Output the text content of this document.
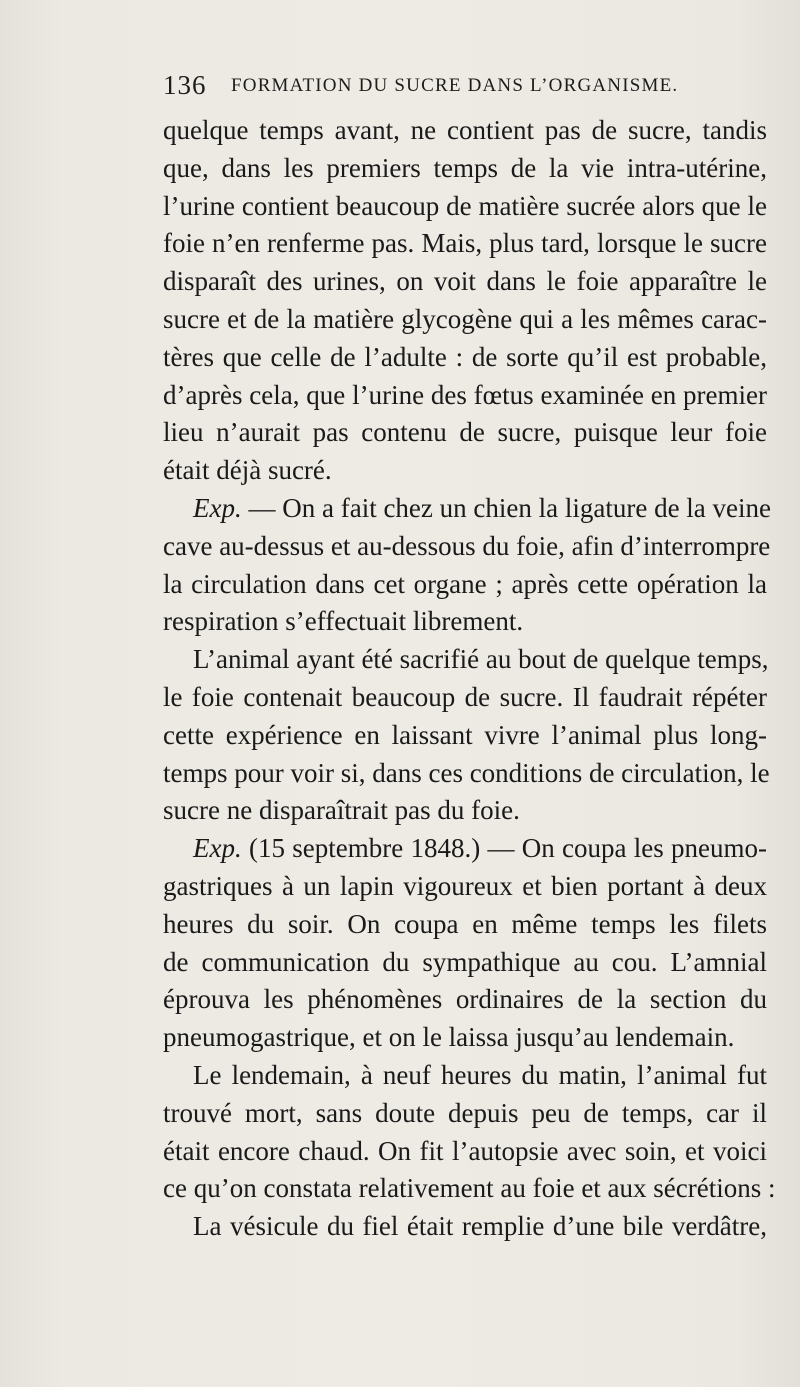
136 FORMATION DU SUCRE DANS L’ORGANISME.
quelque temps avant, ne contient pas de sucre, tandis
que, dans les premiers temps de la vie intra-utérine,
l’urine contient beaucoup de matière sucrée alors que le
foie n’en renferme pas. Mais, plus tard, lorsque le sucre
disparaît des urines, on voit dans le foie apparaître le
sucre et de la matière glycogène qui a les mêmes carac-
tères que celle de l’adulte : de sorte qu’il est probable,
d’après cela, que l’urine des fœtus examinée en premier
lieu n’aurait pas contenu de sucre, puisque leur foie
était déjà sucré.
Exp. — On a fait chez un chien la ligature de la veine
cave au-dessus et au-dessous du foie, afin d’interrompre
la circulation dans cet organe ; après cette opération la
respiration s’effectuait librement.
L’animal ayant été sacrifié au bout de quelque temps,
le foie contenait beaucoup de sucre. Il faudrait répéter
cette expérience en laissant vivre l’animal plus long-
temps pour voir si, dans ces conditions de circulation, le
sucre ne disparaîtrait pas du foie.
Exp. (15 septembre 1848.) — On coupa les pneumo-
gastriques à un lapin vigoureux et bien portant à deux
heures du soir. On coupa en même temps les filets
de communication du sympathique au cou. L’amnial
éprouva les phénomènes ordinaires de la section du
pneumogastrique, et on le laissa jusqu’au lendemain.
Le lendemain, à neuf heures du matin, l’animal fut
trouvé mort, sans doute depuis peu de temps, car il
était encore chaud. On fit l’autopsie avec soin, et voici
ce qu’on constata relativement au foie et aux sécrétions :
La vésicule du fiel était remplie d’une bile verdâtre,
